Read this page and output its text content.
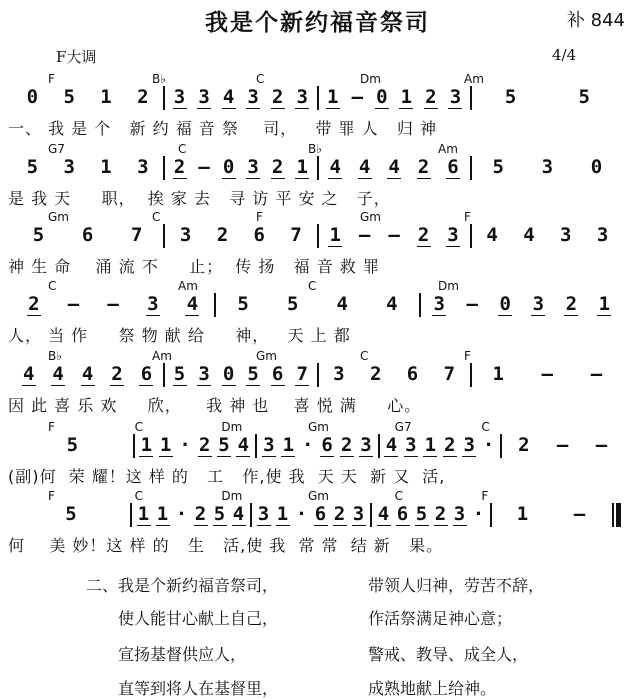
我是个新约福音祭司	补 844
F大调	4/4
F	B♭	C	Dm	Am
0 5 1 2 3 3 4 3 2 3 1 — 0 1 2 3 5	5
一、 我 是 个   新 约 福 音 祭    司，   带 罪 人   归 神
G7	C	B♭	Am
5 3 1 3 2 — 0 3 2 1 4 4 4 2 6 5 3 0
是 我 天     职，  挨 家 去   寻 访 平 安 之   子，
Gm	C	F	Gm	F
5 6 7 3 2 6 7 1 — — 2 3 4 4 3 3
神 生 命    涌 流 不     止；  传 扬   福 音 救 罪
C	Am	C	Dm
2 — — 3 4 5 5 4 4 3 — 0 3 2 1
人， 当 作     祭 物 献 给     神，   天 上 都
B♭	Am	Gm	C	F
4 4 4 2 6 5 3 0 5 6 7 3 2 6 7 1 — —
因 此 喜 乐 欢     欣，    我 神 也    喜 悦 满     心。
F	C	Dm	Gm	G7	C
5	1 1 · 2 5 4 3 1 · 6 2 3 4 3 1 2 3 · 2 — —
(副)何  荣 耀！这 样 的   工   作,使 我  天 天  新 又  活,
F	C	Dm	Gm	C	F
5	1 1 · 2 5 4 3 1 · 6 2 3 4 6 5 2 3 · 1 —
何    美 妙！这 样 的   生   活,使 我  常 常  结 新   果。
二、 我是个新约福音祭司，
使人能甘心献上自己，
宣扬基督供应人，
直等到将人在基督里，
带领人归神，劳苦不辞，
作活祭满足神心意；
警戒、教导、成全人，
成熟地献上给神。
